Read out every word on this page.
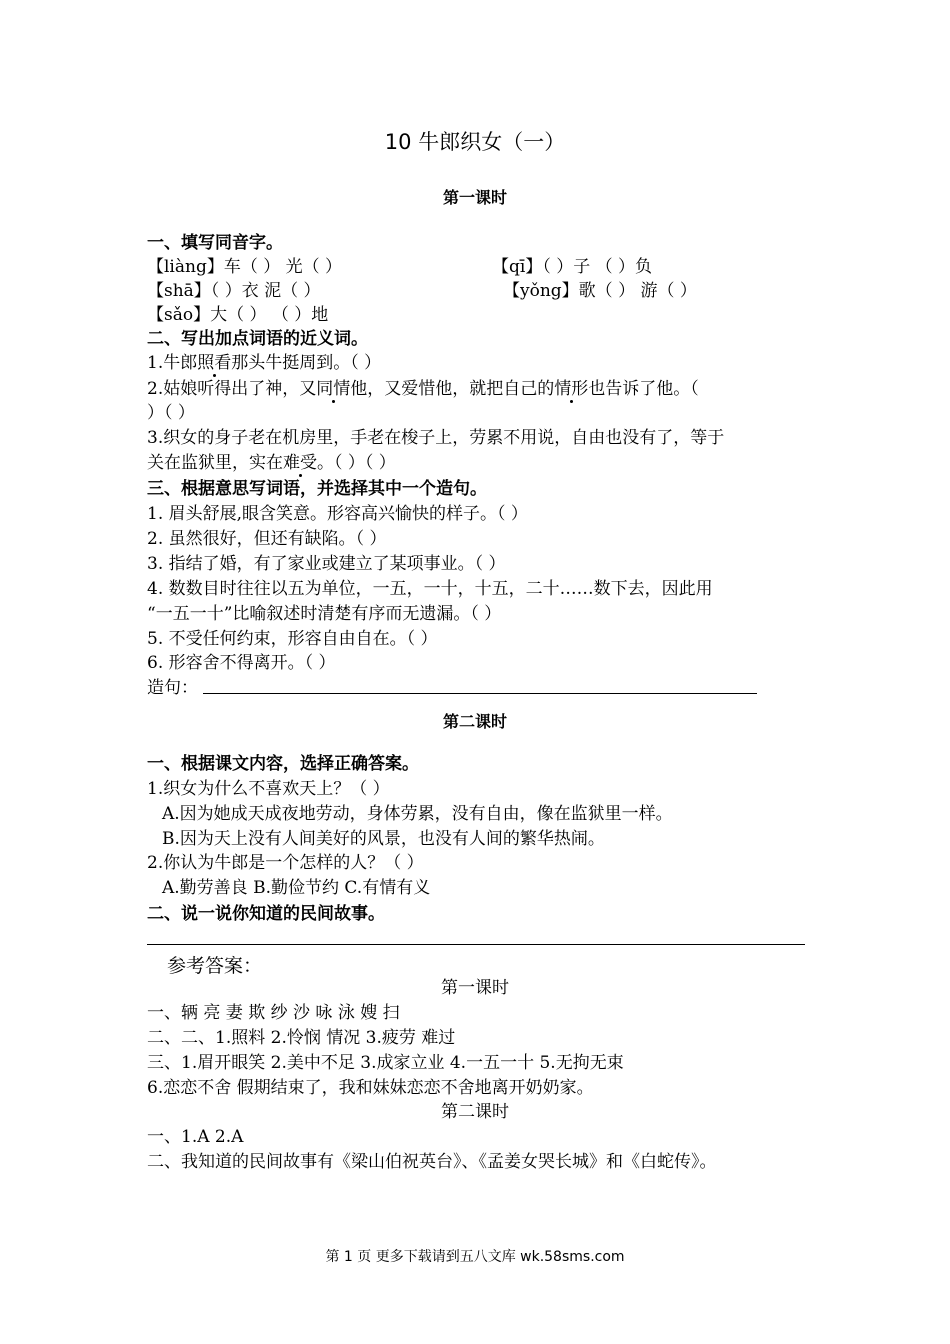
10 牛郎织女（一）
第一课时
一、填写同音字。
【liàng】车（ ） 光（ ）	【qī】（ ）子 （ ）负
【shā】（ ）衣 泥（ ）	【yǒng】歌（ ） 游（ ）
【sǎo】大（ ） （ ）地
二、写出加点词语的近义词。
1.牛郎照看那头牛挺周到。（ ）
2.姑娘听得出了神，又同情他，又爱惜他，就把自己的情形也告诉了他。（
）（ ）
3.织女的身子老在机房里，手老在梭子上，劳累不用说，自由也没有了，等于
关在监狱里，实在难受。（ ）（ ）
三、根据意思写词语，并选择其中一个造句。
1. 眉头舒展,眼含笑意。形容高兴愉快的样子。（ ）
2. 虽然很好，但还有缺陷。（ ）
3. 指结了婚，有了家业或建立了某项事业。（ ）
4. 数数目时往往以五为单位，一五，一十，十五，二十……数下去，因此用
“一五一十”比喻叙述时清楚有序而无遗漏。（ ）
5. 不受任何约束，形容自由自在。（ ）
6. 形容舍不得离开。（ ）
造句：
第二课时
一、根据课文内容，选择正确答案。
1.织女为什么不喜欢天上？（ ）
A.因为她成天成夜地劳动，身体劳累，没有自由，像在监狱里一样。
B.因为天上没有人间美好的风景，也没有人间的繁华热闹。
2.你认为牛郎是一个怎样的人？（ ）
A.勤劳善良 B.勤俭节约 C.有情有义
二、说一说你知道的民间故事。
参考答案：
第一课时
一、辆 亮 妻 欺 纱 沙 咏 泳 嫂 扫
二、二、1.照料 2.怜悯 情况 3.疲劳 难过
三、1.眉开眼笑 2.美中不足 3.成家立业 4.一五一十 5.无拘无束
6.恋恋不舍 假期结束了，我和妹妹恋恋不舍地离开奶奶家。
第二课时
一、1.A 2.A
二、我知道的民间故事有《梁山伯祝英台》、《孟姜女哭长城》和《白蛇传》。
第 1 页 更多下载请到五八文库 wk.58sms.com
